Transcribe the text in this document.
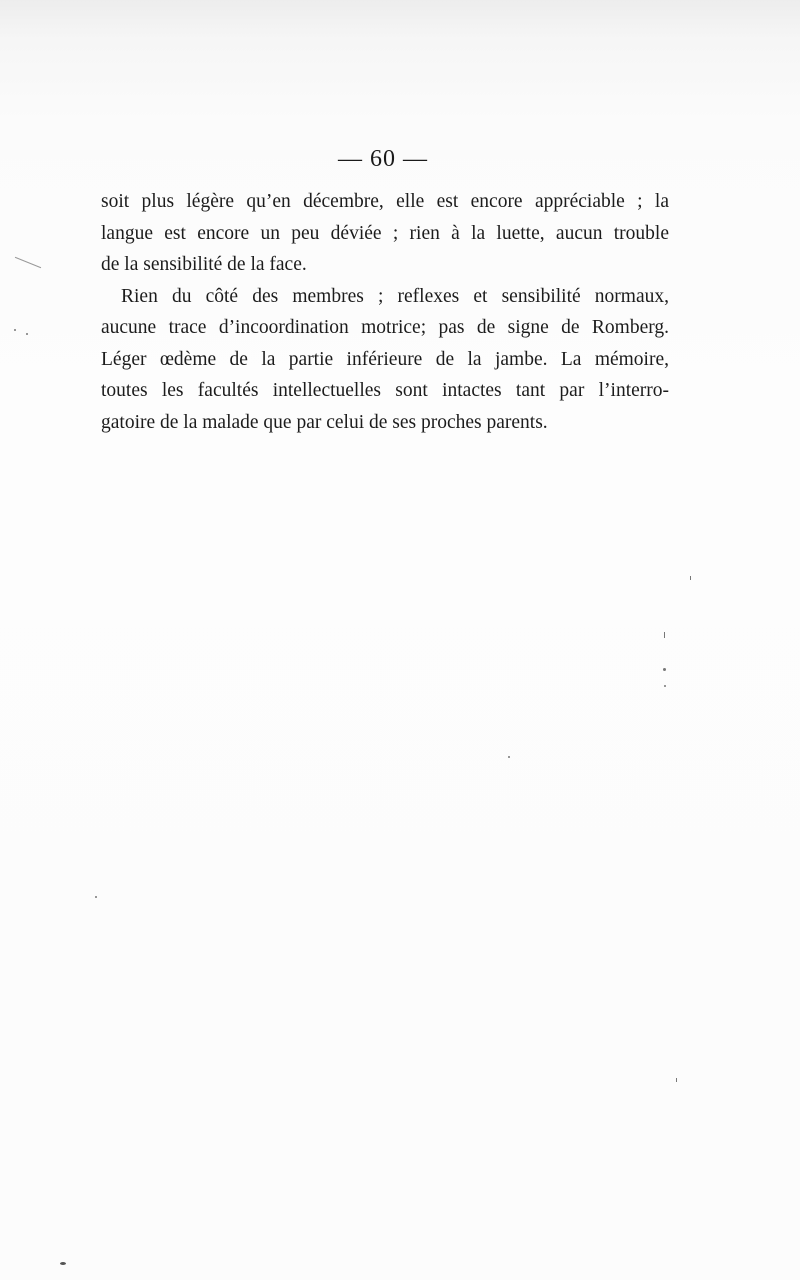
— 60 —
soit plus légère qu’en décembre, elle est encore appréciable ; la
langue est encore un peu déviée ; rien à la luette, aucun trouble
de la sensibilité de la face.
Rien du côté des membres ; reflexes et sensibilité normaux,
aucune trace d’incoordination motrice; pas de signe de Romberg.
Léger œdème de la partie inférieure de la jambe. La mémoire,
toutes les facultés intellectuelles sont intactes tant par l’interro-
gatoire de la malade que par celui de ses proches parents.
